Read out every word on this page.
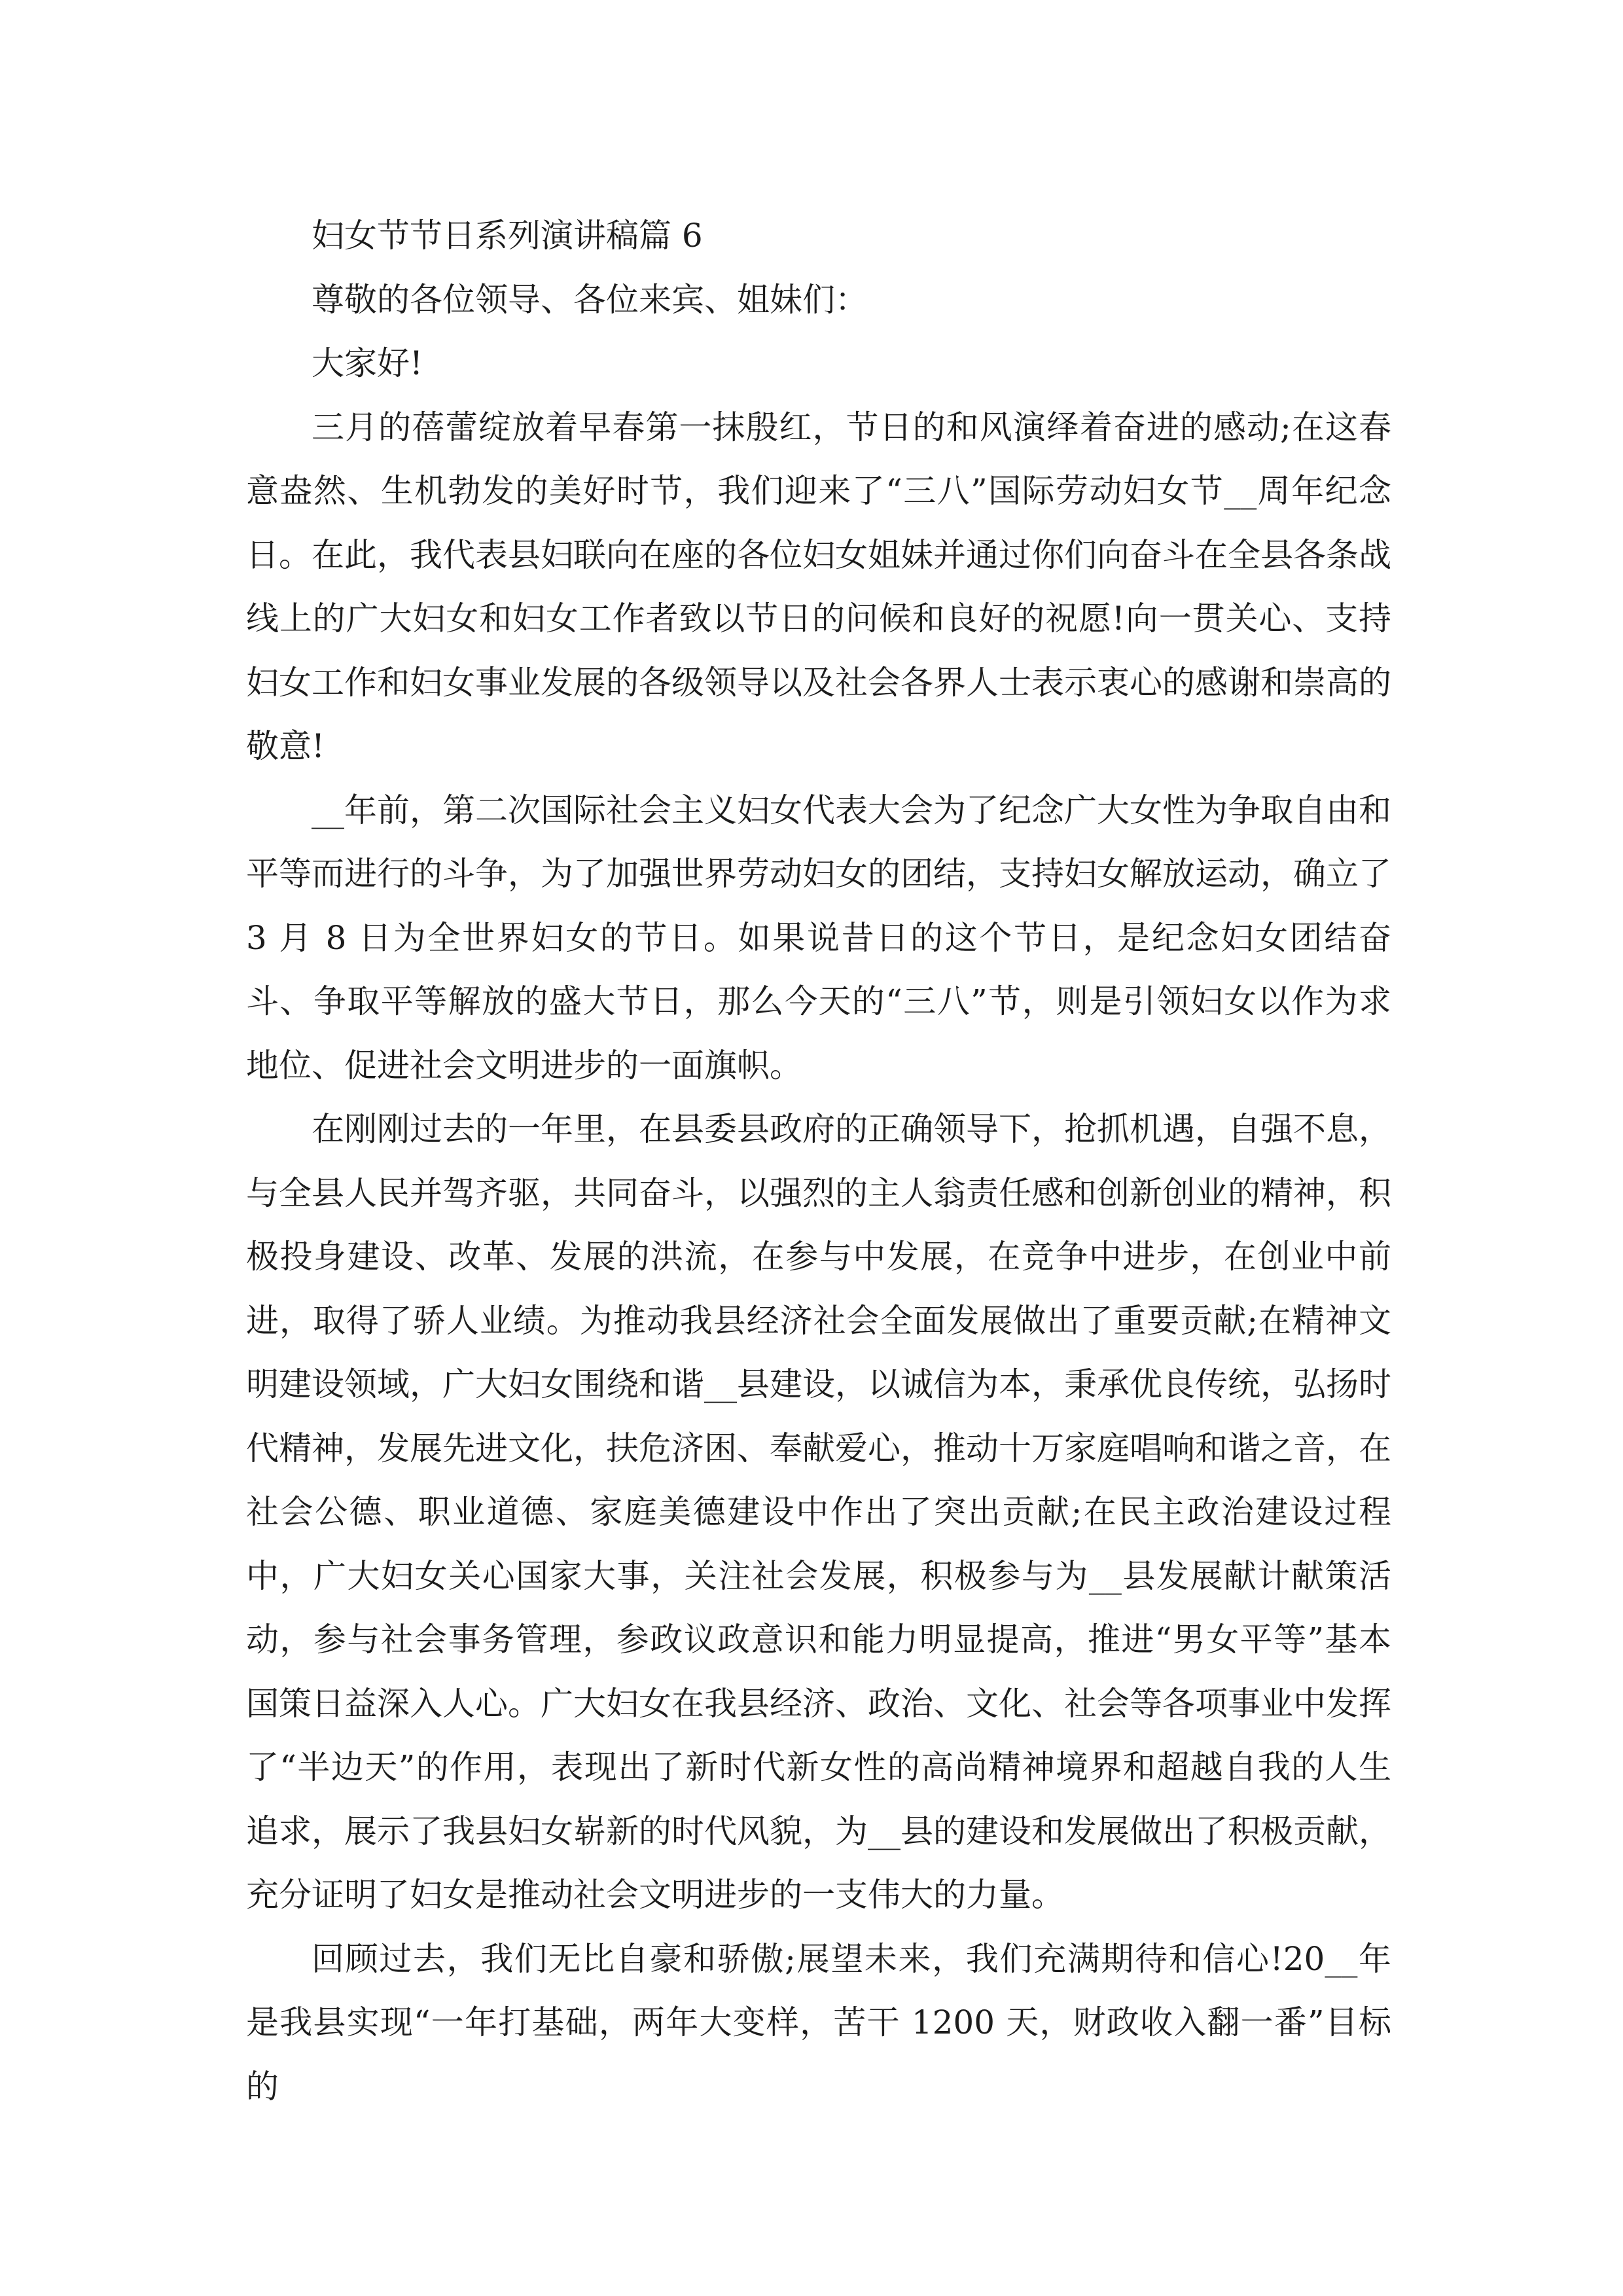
妇女节节日系列演讲稿篇 6

尊敬的各位领导、各位来宾、姐妹们：

大家好!

三月的蓓蕾绽放着早春第一抹殷红，节日的和风演绎着奋进的感动;在这春意盎然、生机勃发的美好时节，我们迎来了“三八”国际劳动妇女节__周年纪念日。在此，我代表县妇联向在座的各位妇女姐妹并通过你们向奋斗在全县各条战线上的广大妇女和妇女工作者致以节日的问候和良好的祝愿!向一贯关心、支持妇女工作和妇女事业发展的各级领导以及社会各界人士表示衷心的感谢和崇高的敬意!

__年前，第二次国际社会主义妇女代表大会为了纪念广大女性为争取自由和平等而进行的斗争，为了加强世界劳动妇女的团结，支持妇女解放运动，确立了 3 月 8 日为全世界妇女的节日。如果说昔日的这个节日，是纪念妇女团结奋斗、争取平等解放的盛大节日，那么今天的“三八”节，则是引领妇女以作为求地位、促进社会文明进步的一面旗帜。

在刚刚过去的一年里，在县委县政府的正确领导下，抢抓机遇，自强不息，与全县人民并驾齐驱，共同奋斗，以强烈的主人翁责任感和创新创业的精神，积极投身建设、改革、发展的洪流，在参与中发展，在竞争中进步，在创业中前进，取得了骄人业绩。为推动我县经济社会全面发展做出了重要贡献;在精神文明建设领域，广大妇女围绕和谐__县建设，以诚信为本，秉承优良传统，弘扬时代精神，发展先进文化，扶危济困、奉献爱心，推动十万家庭唱响和谐之音，在社会公德、职业道德、家庭美德建设中作出了突出贡献;在民主政治建设过程中，广大妇女关心国家大事，关注社会发展，积极参与为__县发展献计献策活动，参与社会事务管理，参政议政意识和能力明显提高，推进“男女平等”基本国策日益深入人心。广大妇女在我县经济、政治、文化、社会等各项事业中发挥了“半边天”的作用，表现出了新时代新女性的高尚精神境界和超越自我的人生追求，展示了我县妇女崭新的时代风貌，为__县的建设和发展做出了积极贡献，充分证明了妇女是推动社会文明进步的一支伟大的力量。

回顾过去，我们无比自豪和骄傲;展望未来，我们充满期待和信心!20__年是我县实现“一年打基础，两年大变样，苦干 1200 天，财政收入翻一番”目标的
